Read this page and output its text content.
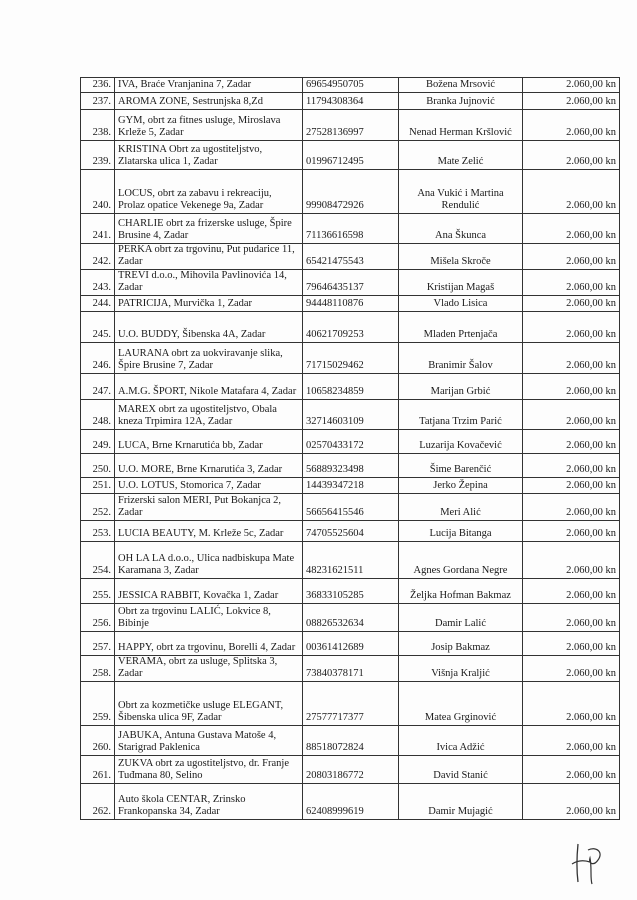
236.	IVA, Braće Vranjanina 7, Zadar	69654950705	Božena Mrsović	2.060,00 kn
237.	AROMA ZONE, Sestrunjska 8,Zd	11794308364	Branka Jujnović	2.060,00 kn
238.	GYM, obrt za fitnes usluge, Miroslava Krleže 5, Zadar	27528136997	Nenad Herman Kršlović	2.060,00 kn
239.	KRISTINA Obrt za ugostiteljstvo, Zlatarska ulica 1, Zadar	01996712495	Mate Zelić	2.060,00 kn
240.	LOCUS, obrt za zabavu i rekreaciju, Prolaz opatice Vekenege 9a, Zadar	99908472926	Ana Vukić i Martina Rendulić	2.060,00 kn
241.	CHARLIE obrt za frizerske usluge, Špire Brusine 4, Zadar	71136616598	Ana Škunca	2.060,00 kn
242.	PERKA obrt za trgovinu, Put pudarice 11, Zadar	65421475543	Mišela Skroče	2.060,00 kn
243.	TREVI d.o.o., Mihovila Pavlinovića 14, Zadar	79646435137	Kristijan Magaš	2.060,00 kn
244.	PATRICIJA, Murvička 1, Zadar	94448110876	Vlado Lisica	2.060,00 kn
245.	U.O. BUDDY, Šibenska 4A, Zadar	40621709253	Mladen Prtenjača	2.060,00 kn
246.	LAURANA obrt za uokviravanje slika, Špire Brusine 7, Zadar	71715029462	Branimir Šalov	2.060,00 kn
247.	A.M.G. ŠPORT, Nikole Matafara 4, Zadar	10658234859	Marijan Grbić	2.060,00 kn
248.	MAREX obrt za ugostiteljstvo, Obala kneza Trpimira 12A, Zadar	32714603109	Tatjana Trzim Parić	2.060,00 kn
249.	LUCA, Brne Krnarutića bb, Zadar	02570433172	Luzarija Kovačević	2.060,00 kn
250.	U.O. MORE, Brne Krnarutića 3, Zadar	56889323498	Šime Barenčić	2.060,00 kn
251.	U.O. LOTUS, Stomorica 7, Zadar	14439347218	Jerko Žepina	2.060,00 kn
252.	Frizerski salon MERI, Put Bokanjca 2, Zadar	56656415546	Meri Alić	2.060,00 kn
253.	LUCIA BEAUTY, M. Krleže 5c, Zadar	74705525604	Lucija Bitanga	2.060,00 kn
254.	OH LA LA d.o.o., Ulica nadbiskupa Mate Karamana 3, Zadar	48231621511	Agnes Gordana Negre	2.060,00 kn
255.	JESSICA RABBIT, Kovačka 1, Zadar	36833105285	Željka Hofman Bakmaz	2.060,00 kn
256.	Obrt za trgovinu LALIĆ, Lokvice 8, Bibinje	08826532634	Damir Lalić	2.060,00 kn
257.	HAPPY, obrt za trgovinu, Borelli 4, Zadar	00361412689	Josip Bakmaz	2.060,00 kn
258.	VERAMA, obrt za usluge, Splitska 3, Zadar	73840378171	Višnja Kraljić	2.060,00 kn
259.	Obrt za kozmetičke usluge ELEGANT, Šibenska ulica 9F, Zadar	27577717377	Matea Grginović	2.060,00 kn
260.	JABUKA, Antuna Gustava Matoše 4, Starigrad Paklenica	88518072824	Ivica Adžić	2.060,00 kn
261.	ZUKVA obrt za ugostiteljstvo, dr. Franje Tuđmana 80, Selino	20803186772	David Stanić	2.060,00 kn
262.	Auto škola CENTAR, Zrinsko Frankopanska 34, Zadar	62408999619	Damir Mujagić	2.060,00 kn
